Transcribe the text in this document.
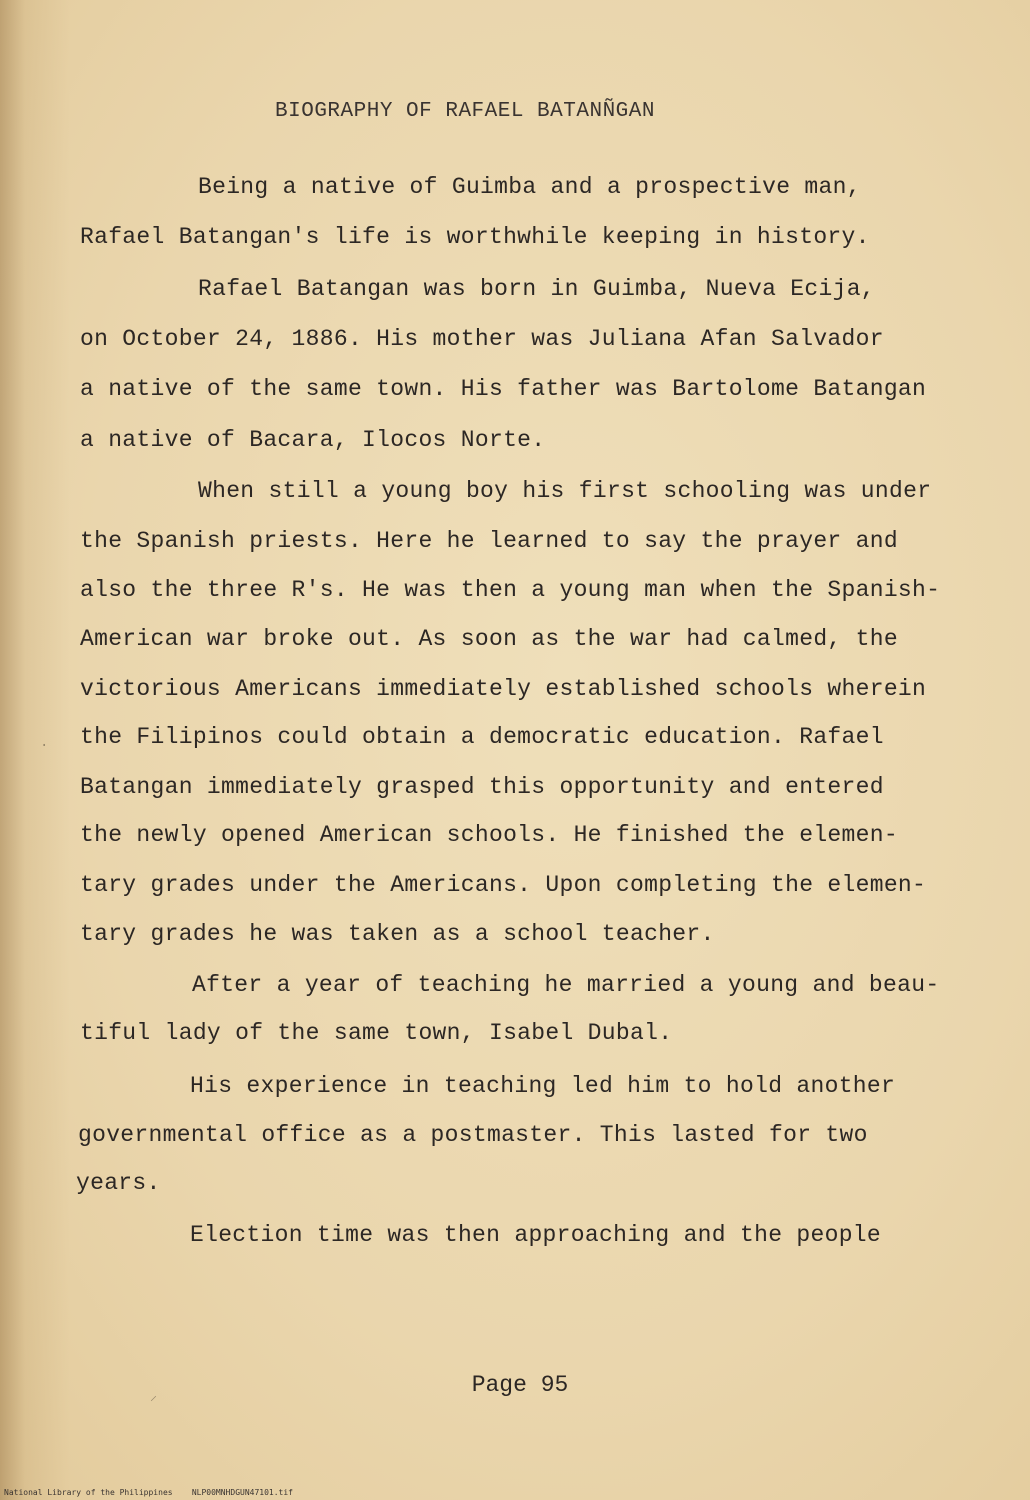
BIOGRAPHY OF RAFAEL BATANÑGAN
Being a native of Guimba and a prospective man,
Rafael Batangan's life is worthwhile keeping in history.
Rafael Batangan was born in Guimba, Nueva Ecija,
on October 24, 1886. His mother was Juliana Afan Salvador
a native of the same town. His father was Bartolome Batangan
a native of Bacara, Ilocos Norte.
When still a young boy his first schooling was under
the Spanish priests. Here he learned to say the prayer and
also the three R's. He was then a young man when the Spanish-
American war broke out. As soon as the war had calmed, the
victorious Americans immediately established schools wherein
the Filipinos could obtain a democratic education. Rafael
Batangan immediately grasped this opportunity and entered
the newly opened American schools. He finished the elemen-
tary grades under the Americans. Upon completing the elemen-
tary grades he was taken as a school teacher.
After a year of teaching he married a young and beau-
tiful lady of the same town, Isabel Dubal.
His experience in teaching led him to hold another
governmental office as a postmaster. This lasted for two
years.
Election time was then approaching and the people
Page 95
⸝
·
National Library of the Philippines    NLP00MNHDGUN47101.tif
